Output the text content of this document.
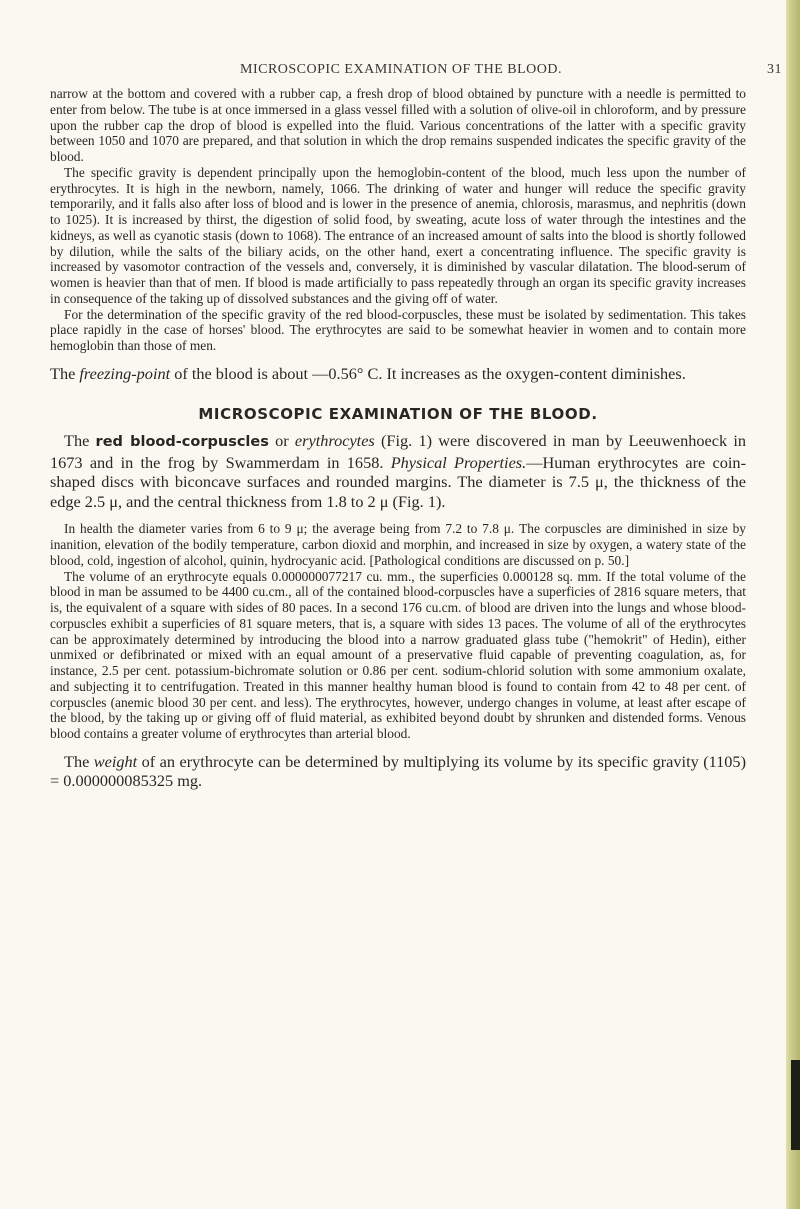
MICROSCOPIC EXAMINATION OF THE BLOOD.	31

narrow at the bottom and covered with a rubber cap, a fresh drop of blood obtained by puncture with a needle is permitted to enter from below. The tube is at once immersed in a glass vessel filled with a solution of olive-oil in chloroform, and by pressure upon the rubber cap the drop of blood is expelled into the fluid. Various concentrations of the latter with a specific gravity between 1050 and 1070 are prepared, and that solution in which the drop remains suspended indicates the specific gravity of the blood.

The specific gravity is dependent principally upon the hemoglobin-content of the blood, much less upon the number of erythrocytes. It is high in the newborn, namely, 1066. The drinking of water and hunger will reduce the specific gravity temporarily, and it falls also after loss of blood and is lower in the presence of anemia, chlorosis, marasmus, and nephritis (down to 1025). It is increased by thirst, the digestion of solid food, by sweating, acute loss of water through the intestines and the kidneys, as well as cyanotic stasis (down to 1068). The entrance of an increased amount of salts into the blood is shortly followed by dilution, while the salts of the biliary acids, on the other hand, exert a concentrating influence. The specific gravity is increased by vasomotor contraction of the vessels and, conversely, it is diminished by vascular dilatation. The blood-serum of women is heavier than that of men. If blood is made artificially to pass repeatedly through an organ its specific gravity increases in consequence of the taking up of dissolved substances and the giving off of water.

For the determination of the specific gravity of the red blood-corpuscles, these must be isolated by sedimentation. This takes place rapidly in the case of horses' blood. The erythrocytes are said to be somewhat heavier in women and to contain more hemoglobin than those of men.

The freezing-point of the blood is about —0.56° C. It increases as the oxygen-content diminishes.

MICROSCOPIC EXAMINATION OF THE BLOOD.

The red blood-corpuscles or erythrocytes (Fig. 1) were discovered in man by Leeuwenhoeck in 1673 and in the frog by Swammerdam in 1658. Physical Properties.—Human erythrocytes are coin-shaped discs with biconcave surfaces and rounded margins. The diameter is 7.5 μ, the thickness of the edge 2.5 μ, and the central thickness from 1.8 to 2 μ (Fig. 1).

In health the diameter varies from 6 to 9 μ; the average being from 7.2 to 7.8 μ. The corpuscles are diminished in size by inanition, elevation of the bodily temperature, carbon dioxid and morphin, and increased in size by oxygen, a watery state of the blood, cold, ingestion of alcohol, quinin, hydrocyanic acid. [Pathological conditions are discussed on p. 50.]

The volume of an erythrocyte equals 0.000000077217 cu. mm., the superficies 0.000128 sq. mm. If the total volume of the blood in man be assumed to be 4400 cu.cm., all of the contained blood-corpuscles have a superficies of 2816 square meters, that is, the equivalent of a square with sides of 80 paces. In a second 176 cu.cm. of blood are driven into the lungs and whose blood-corpuscles exhibit a superficies of 81 square meters, that is, a square with sides 13 paces. The volume of all of the erythrocytes can be approximately determined by introducing the blood into a narrow graduated glass tube ("hemokrit" of Hedin), either unmixed or defibrinated or mixed with an equal amount of a preservative fluid capable of preventing coagulation, as, for instance, 2.5 per cent. potassium-bichromate solution or 0.86 per cent. sodium-chlorid solution with some ammonium oxalate, and subjecting it to centrifugation. Treated in this manner healthy human blood is found to contain from 42 to 48 per cent. of corpuscles (anemic blood 30 per cent. and less). The erythrocytes, however, undergo changes in volume, at least after escape of the blood, by the taking up or giving off of fluid material, as exhibited beyond doubt by shrunken and distended forms. Venous blood contains a greater volume of erythrocytes than arterial blood.

The weight of an erythrocyte can be determined by multiplying its volume by its specific gravity (1105) = 0.000000085325 mg.
